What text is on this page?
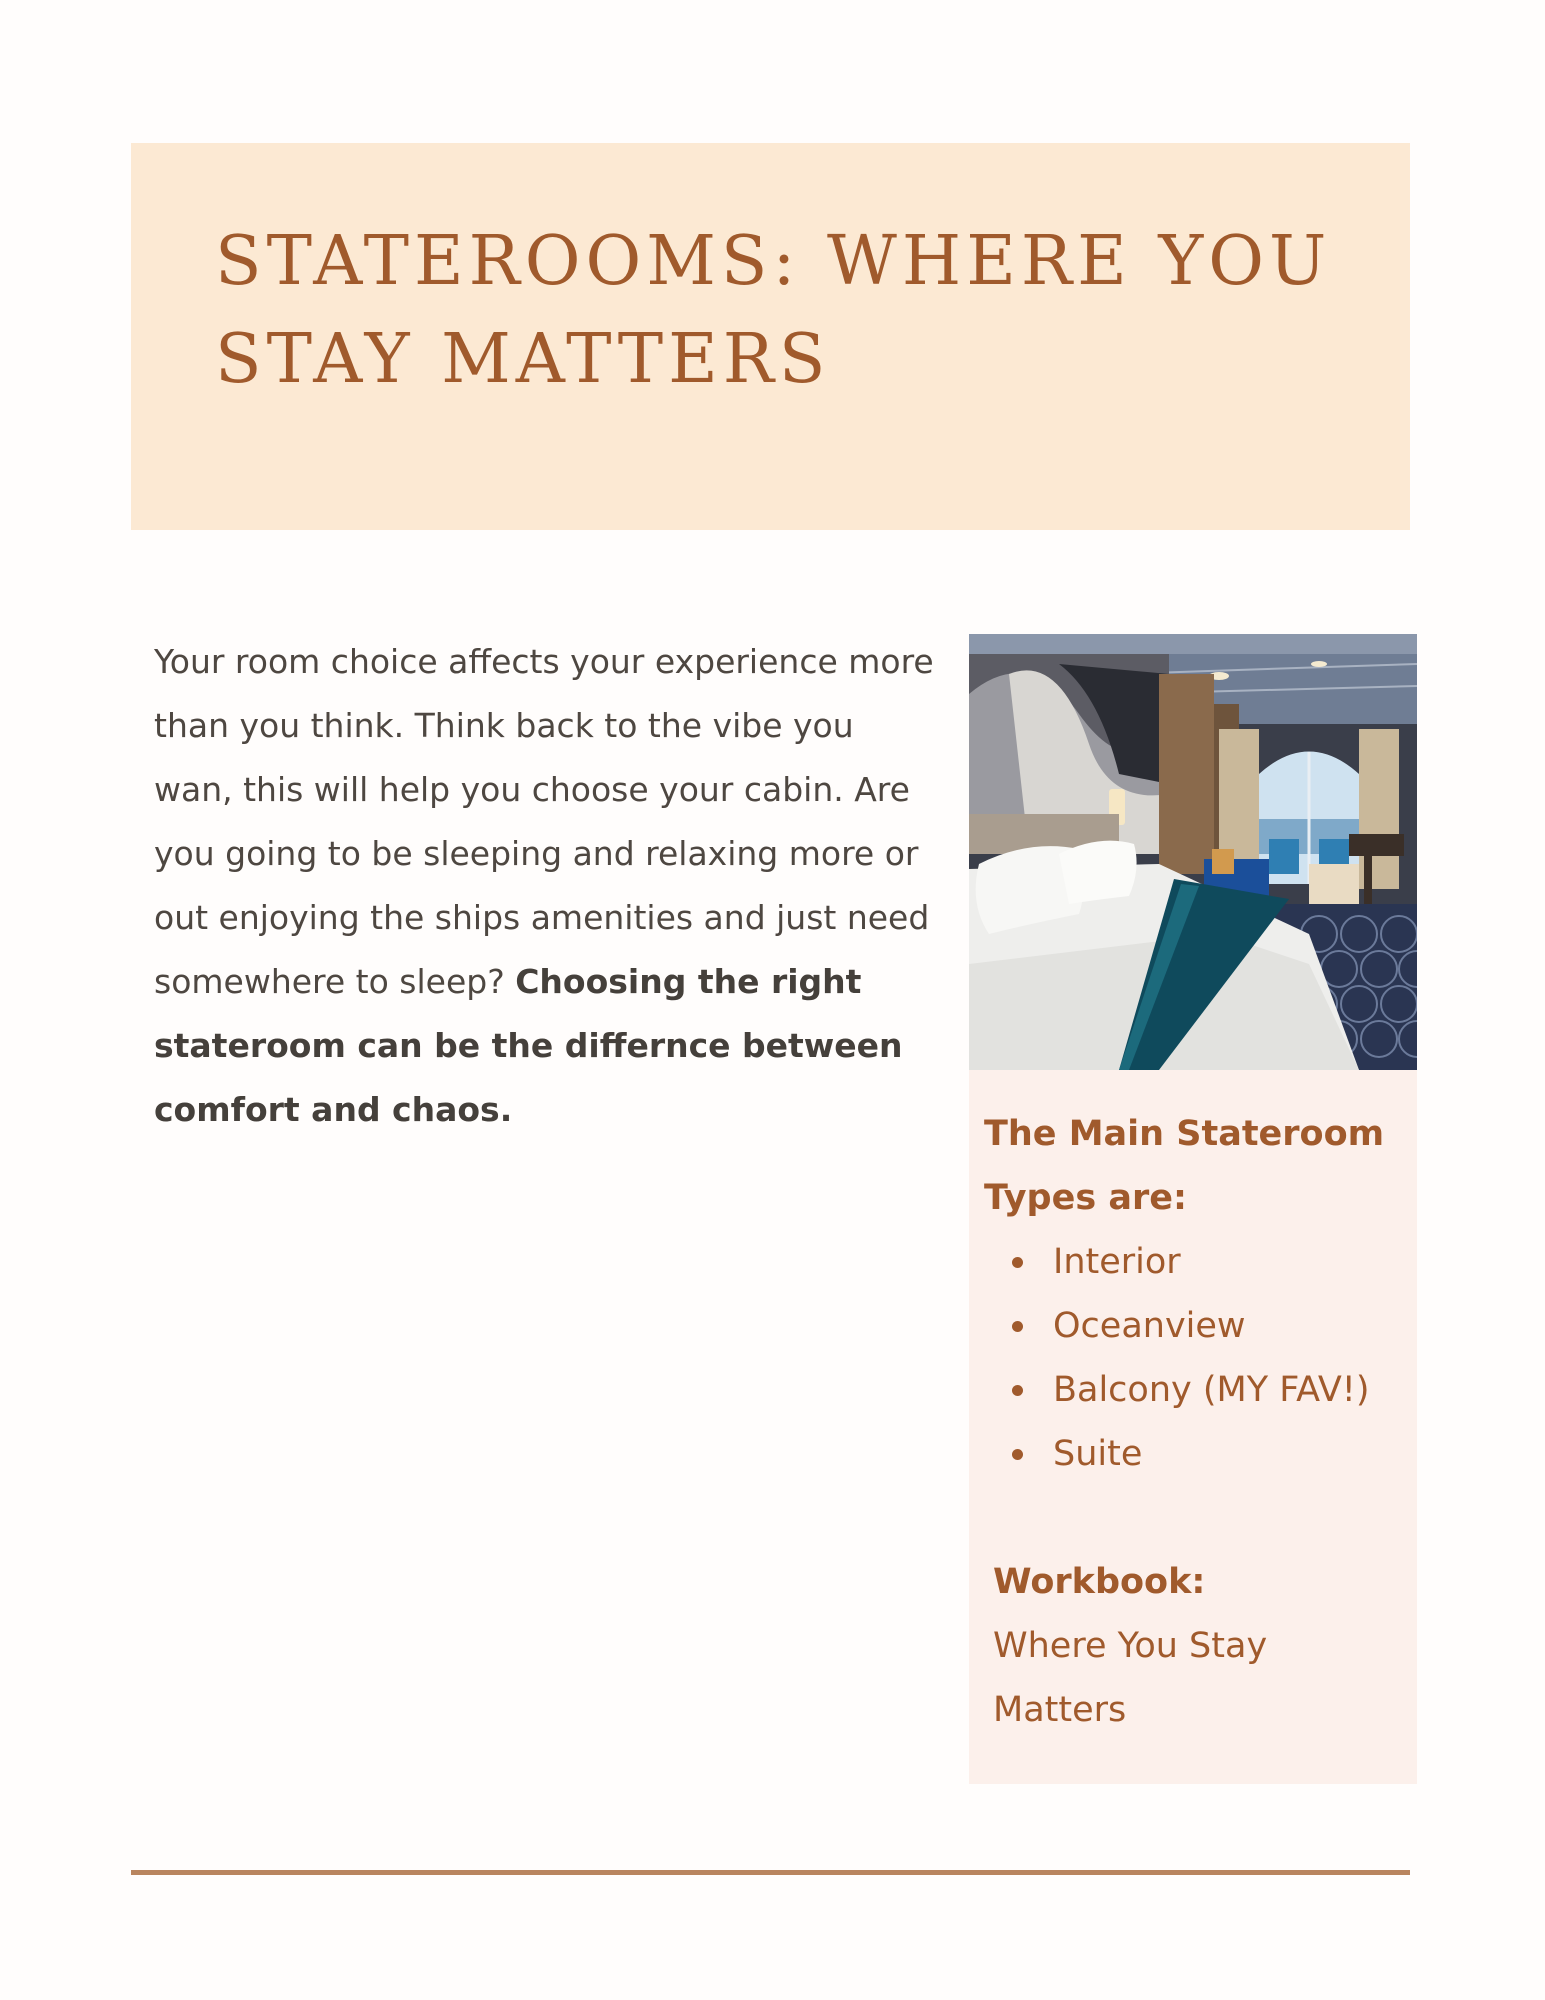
STATEROOMS: WHERE YOU STAY MATTERS

Your room choice affects your experience more than you think. Think back to the vibe you wan, this will help you choose your cabin. Are you going to be sleeping and relaxing more or out enjoying the ships amenities and just need somewhere to sleep? Choosing the right stateroom can be the differnce between comfort and chaos.

The Main Stateroom Types are:
Interior
Oceanview
Balcony (MY FAV!)
Suite

Workbook:

Where You Stay Matters
